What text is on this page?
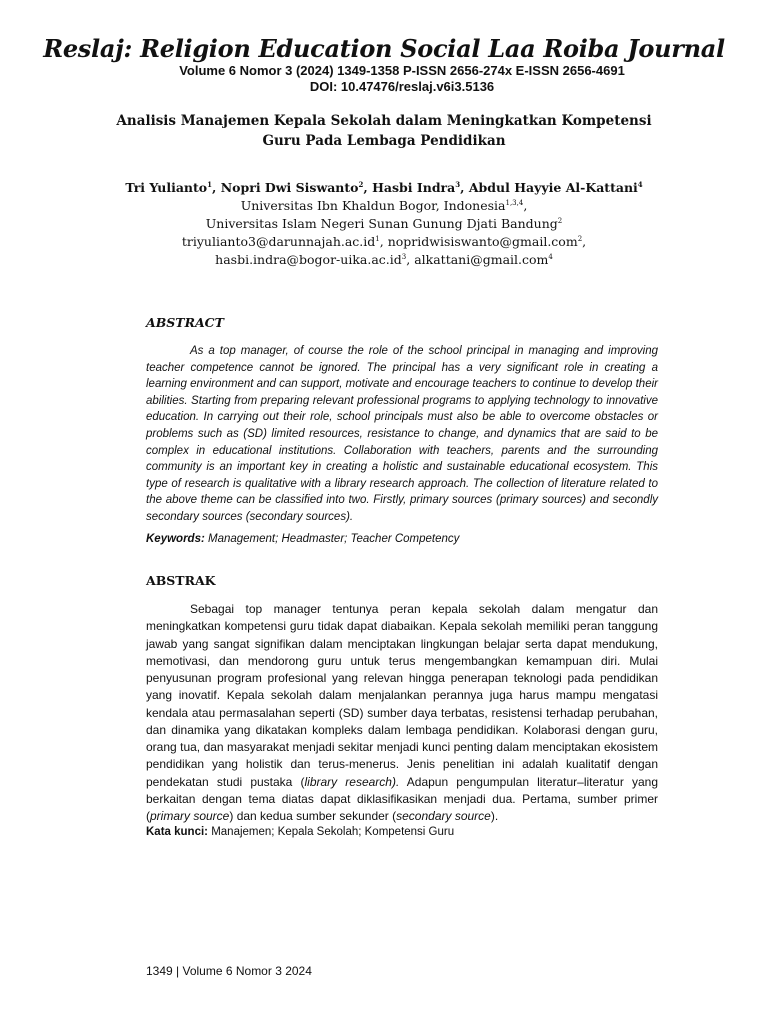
Reslaj: Religion Education Social Laa Roiba Journal
Volume 6 Nomor 3 (2024) 1349-1358 P-ISSN 2656-274x E-ISSN 2656-4691
DOI: 10.47476/reslaj.v6i3.5136
Analisis Manajemen Kepala Sekolah dalam Meningkatkan Kompetensi Guru Pada Lembaga Pendidikan
Tri Yulianto$^1$, Nopri Dwi Siswanto$^2$, Hasbi Indra$^3$, Abdul Hayyie Al-Kattani$^4$
Universitas Ibn Khaldun Bogor, Indonesia$^{1,3,4}$,
Universitas Islam Negeri Sunan Gunung Djati Bandung$^2$
$triyulianto3@darunnajah.ac.id^1$, nopridwisiswanto@gmail.com$^2$,
$hasbi.indra@bogor-uika.ac.id^3$, alkattani@gmail.com$^4$
ABSTRACT
As a top manager, of course the role of the school principal in managing and improving teacher competence cannot be ignored. The principal has a very significant role in creating a learning environment and can support, motivate and encourage teachers to continue to develop their abilities. Starting from preparing relevant professional programs to applying technology to innovative education. In carrying out their role, school principals must also be able to overcome obstacles or problems such as (SD) limited resources, resistance to change, and dynamics that are said to be complex in educational institutions. Collaboration with teachers, parents and the surrounding community is an important key in creating a holistic and sustainable educational ecosystem. This type of research is qualitative with a library research approach. The collection of literature related to the above theme can be classified into two. Firstly, primary sources (primary sources) and secondly secondary sources (secondary sources).
Keywords: Management; Headmaster; Teacher Competency
ABSTRAK
Sebagai top manager tentunya peran kepala sekolah dalam mengatur dan meningkatkan kompetensi guru tidak dapat diabaikan. Kepala sekolah memiliki peran tanggung jawab yang sangat signifikan dalam menciptakan lingkungan belajar serta dapat mendukung, memotivasi, dan mendorong guru untuk terus mengembangkan kemampuan diri. Mulai penyusunan program profesional yang relevan hingga penerapan teknologi pada pendidikan yang inovatif. Kepala sekolah dalam menjalankan perannya juga harus mampu mengatasi kendala atau permasalahan seperti (SD) sumber daya terbatas, resistensi terhadap perubahan, dan dinamika yang dikatakan kompleks dalam lembaga pendidikan. Kolaborasi dengan guru, orang tua, dan masyarakat menjadi sekitar menjadi kunci penting dalam menciptakan ekosistem pendidikan yang holistik dan terus-menerus. Jenis penelitian ini adalah kualitatif dengan pendekatan studi pustaka (library research). Adapun pengumpulan literatur–literatur yang berkaitan dengan tema diatas dapat diklasifikasikan menjadi dua. Pertama, sumber primer (primary source) dan kedua sumber sekunder (secondary source).
Kata kunci: Manajemen; Kepala Sekolah; Kompetensi Guru
1349 | Volume 6 Nomor 3 2024
